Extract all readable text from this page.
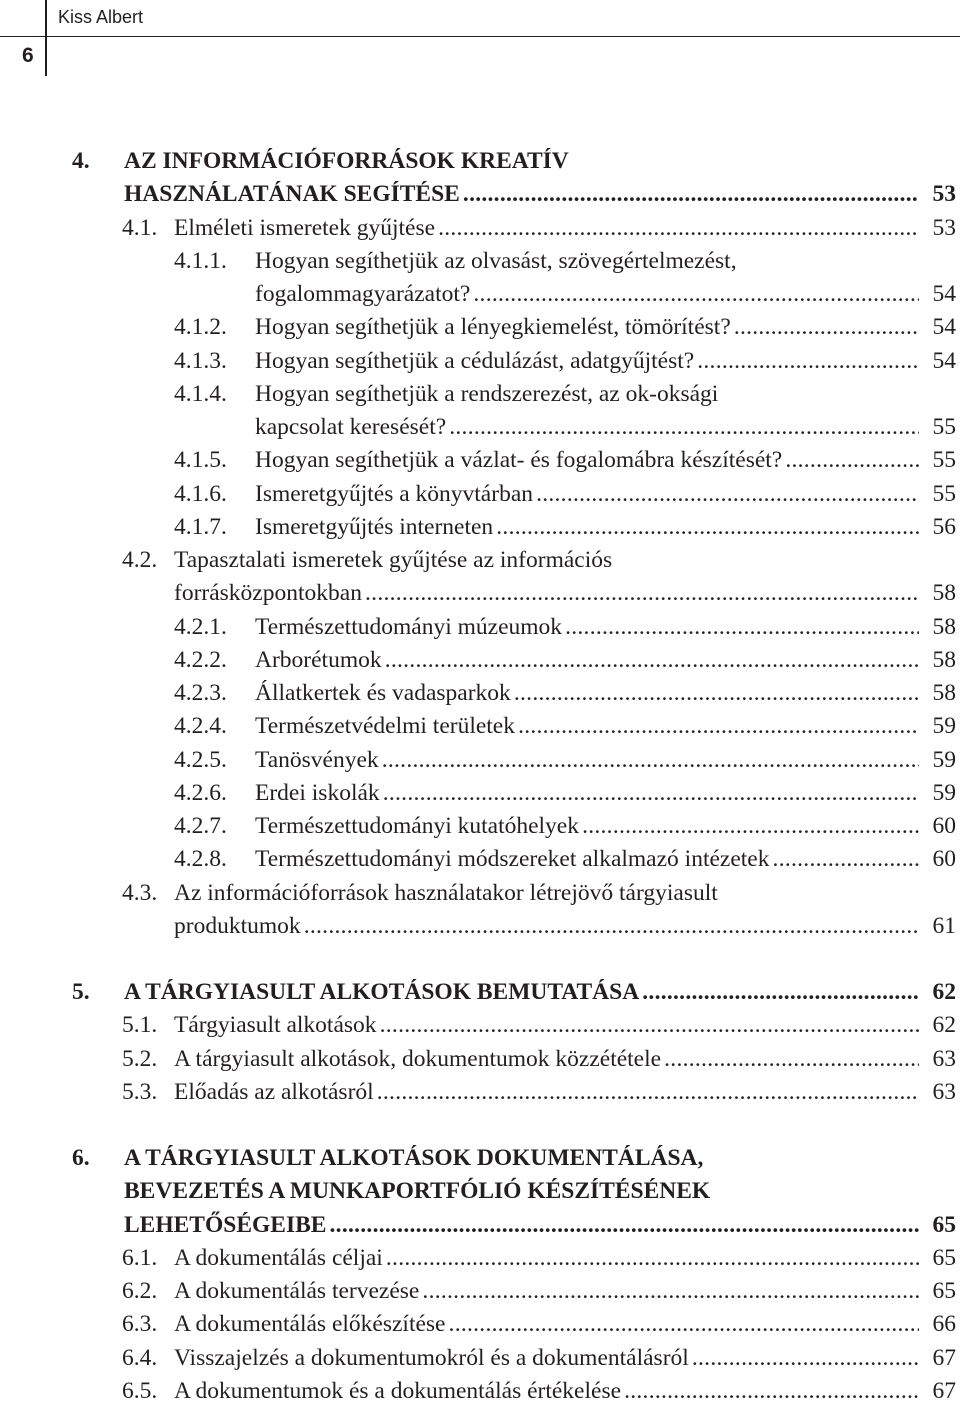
Kiss Albert
6
4. AZ INFORMÁCIÓFORRÁSOK KREATÍV
HASZNÁLATÁNAK SEGÍTÉSE . . .	53
4.1. Elméleti ismeretek gyűjtése . . .	53
4.1.1. Hogyan segíthetjük az olvasást, szövegértelmezést,
fogalommagyarázatot? . . .	54
4.1.2. Hogyan segíthetjük a lényegkiemelést, tömörítést? . . .	54
4.1.3. Hogyan segíthetjük a cédulázást, adatgyűjtést? . . .	54
4.1.4. Hogyan segíthetjük a rendszerezést, az ok-oksági
kapcsolat keresését? . . .	55
4.1.5. Hogyan segíthetjük a vázlat- és fogalomábra készítését? . . .	55
4.1.6. Ismeretgyűjtés a könyvtárban . . .	55
4.1.7. Ismeretgyűjtés interneten . . .	56
4.2. Tapasztalati ismeretek gyűjtése az információs
forrásközpontokban . . .	58
4.2.1. Természettudományi múzeumok . . .	58
4.2.2. Arborétumok . . .	58
4.2.3. Állatkertek és vadasparkok . . .	58
4.2.4. Természetvédelmi területek . . .	59
4.2.5. Tanösvények . . .	59
4.2.6. Erdei iskolák . . .	59
4.2.7. Természettudományi kutatóhelyek . . .	60
4.2.8. Természettudományi módszereket alkalmazó intézetek . . .	60
4.3. Az információforrások használatakor létrejövő tárgyiasult
produktumok . . .	61
5. A TÁRGYIASULT ALKOTÁSOK BEMUTATÁSA . . .	62
5.1. Tárgyiasult alkotások . . .	62
5.2. A tárgyiasult alkotások, dokumentumok közzététele . . .	63
5.3. Előadás az alkotásról . . .	63
6. A TÁRGYIASULT ALKOTÁSOK DOKUMENTÁLÁSA,
BEVEZETÉS A MUNKAPORTFÓLIÓ KÉSZÍTÉSÉNEK
LEHETŐSÉGEIBE . . .	65
6.1. A dokumentálás céljai . . .	65
6.2. A dokumentálás tervezése . . .	65
6.3. A dokumentálás előkészítése . . .	66
6.4. Visszajelzés a dokumentumokról és a dokumentálásról . . .	67
6.5. A dokumentumok és a dokumentálás értékelése . . .	67
